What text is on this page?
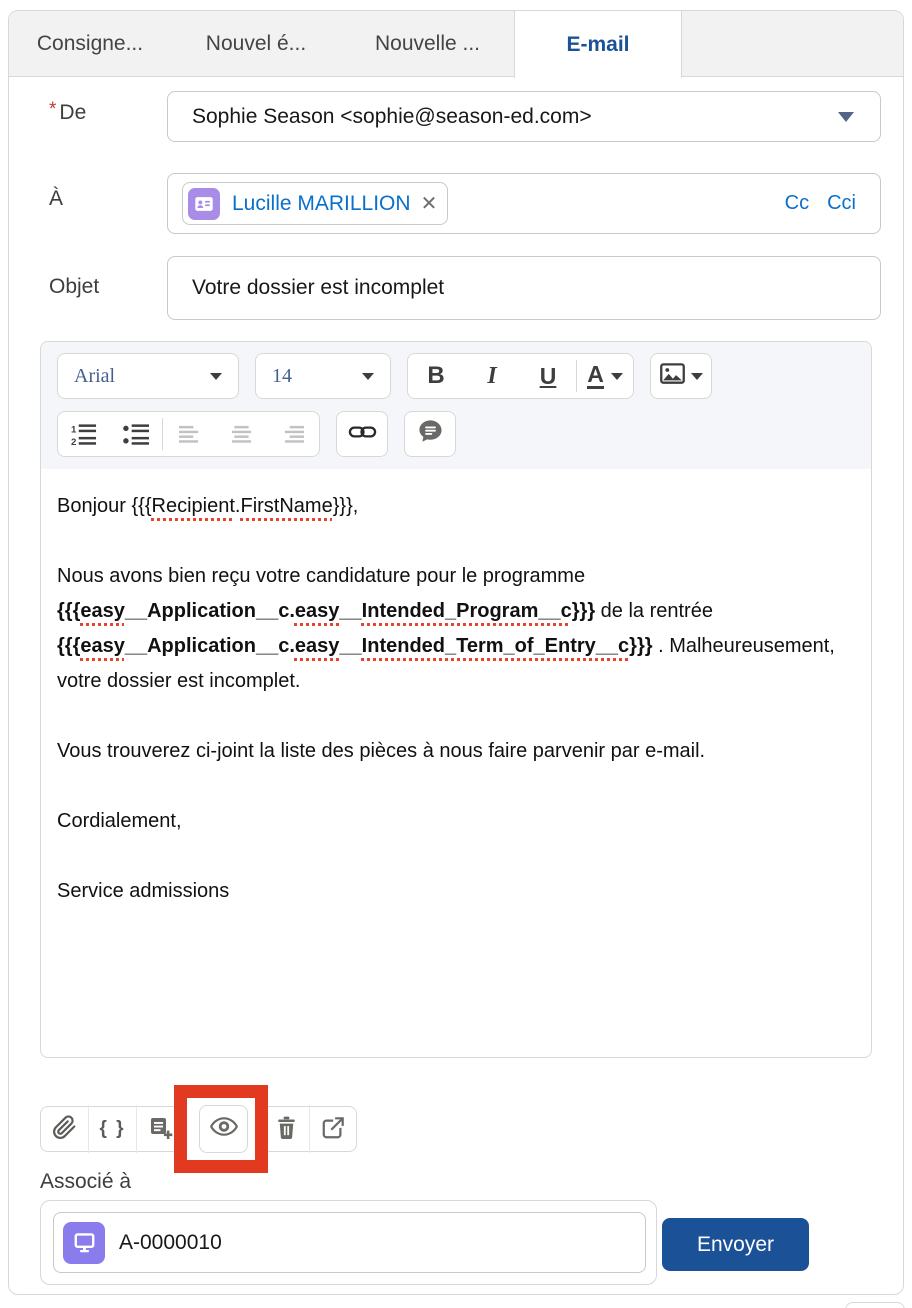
Consigne...	Nouvel é...	Nouvelle ...	E-mail
* De	Sophie Season <sophie@season-ed.com>
À	Lucille MARILLION ✕	Cc Cci
Objet	Votre dossier est incomplet
Arial	14	B I U A
1
2

Bonjour {{{Recipient.FirstName}}},

Nous avons bien reçu votre candidature pour le programme {{{easy__Application__c.easy__Intended_Program__c}}} de la rentrée {{{easy__Application__c.easy__Intended_Term_of_Entry__c}}} . Malheureusement, votre dossier est incomplet.

Vous trouverez ci-joint la liste des pièces à nous faire parvenir par e-mail.

Cordialement,

Service admissions

{ }
Associé à
A-0000010	Envoyer
